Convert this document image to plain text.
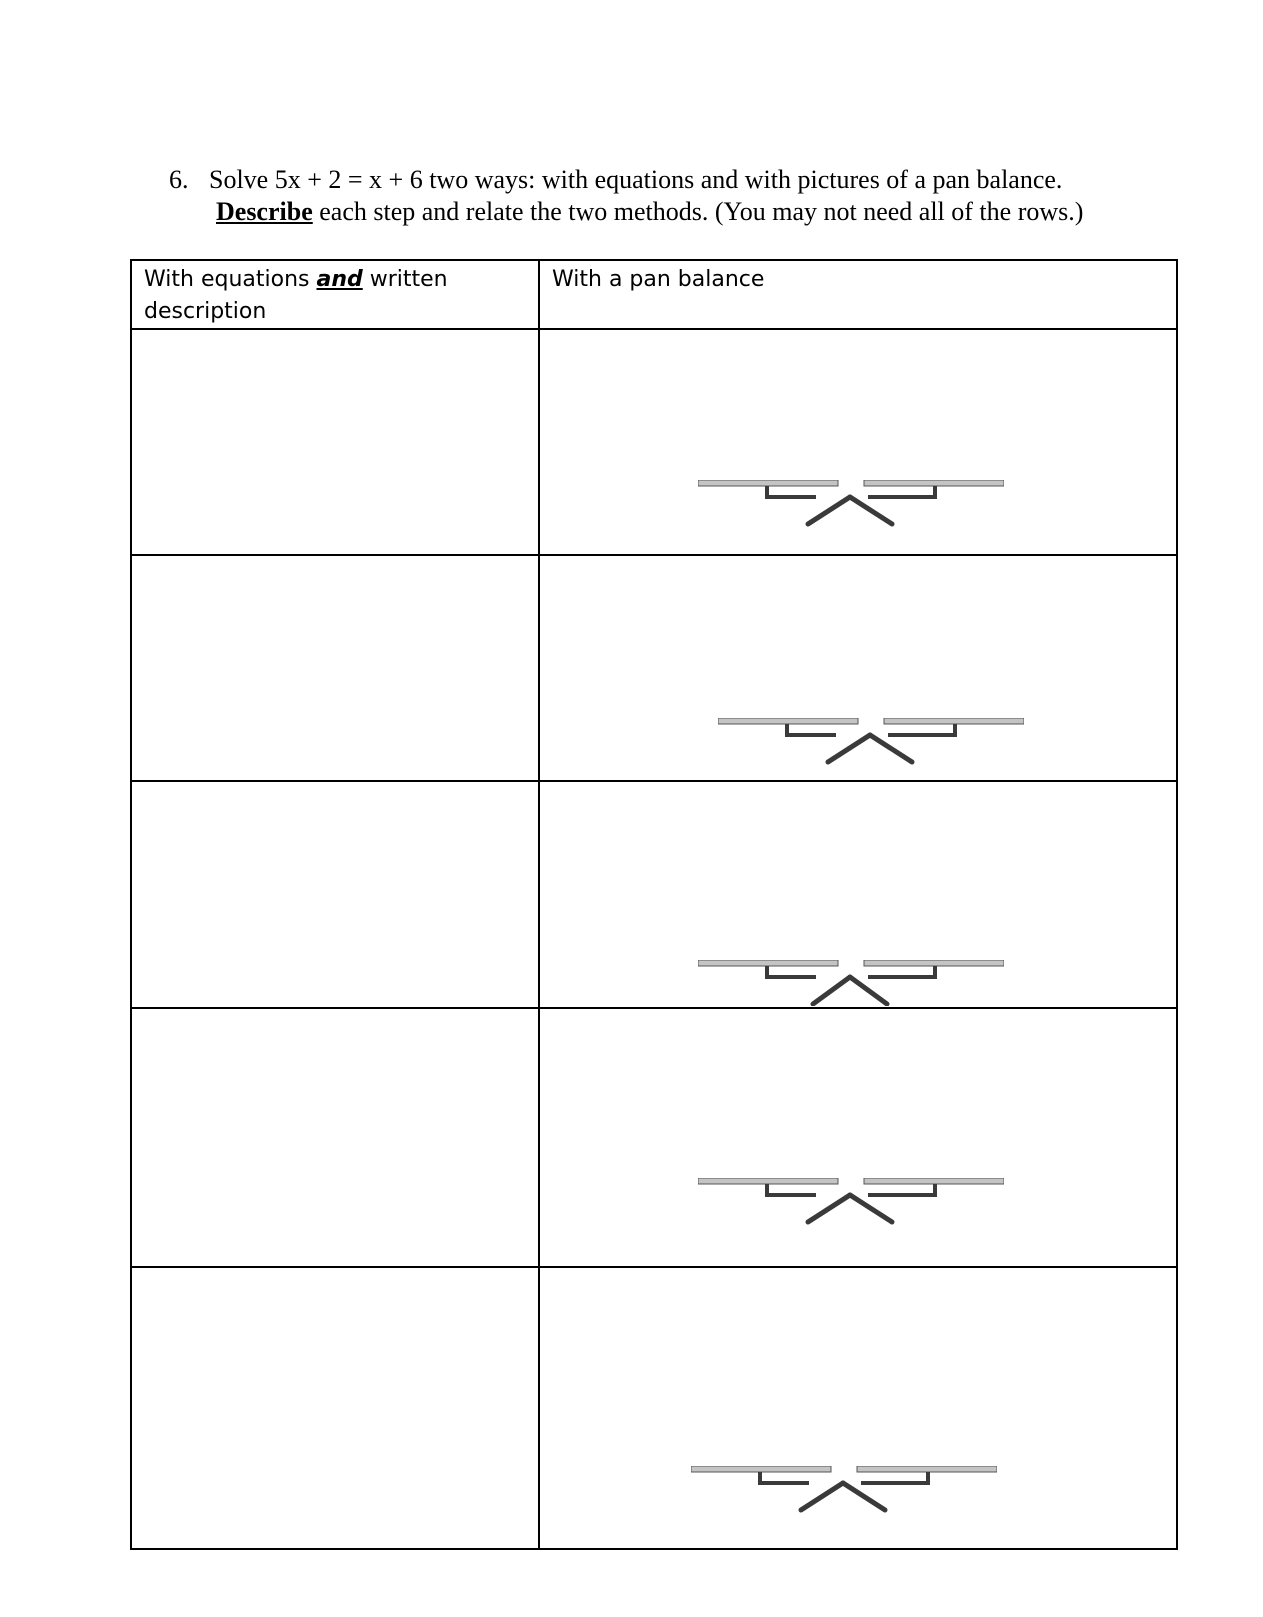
6. Solve 5x + 2 = x + 6 two ways: with equations and with pictures of a pan balance.
Describe each step and relate the two methods. (You may not need all of the rows.)
With equations and written description	With a pan balance
